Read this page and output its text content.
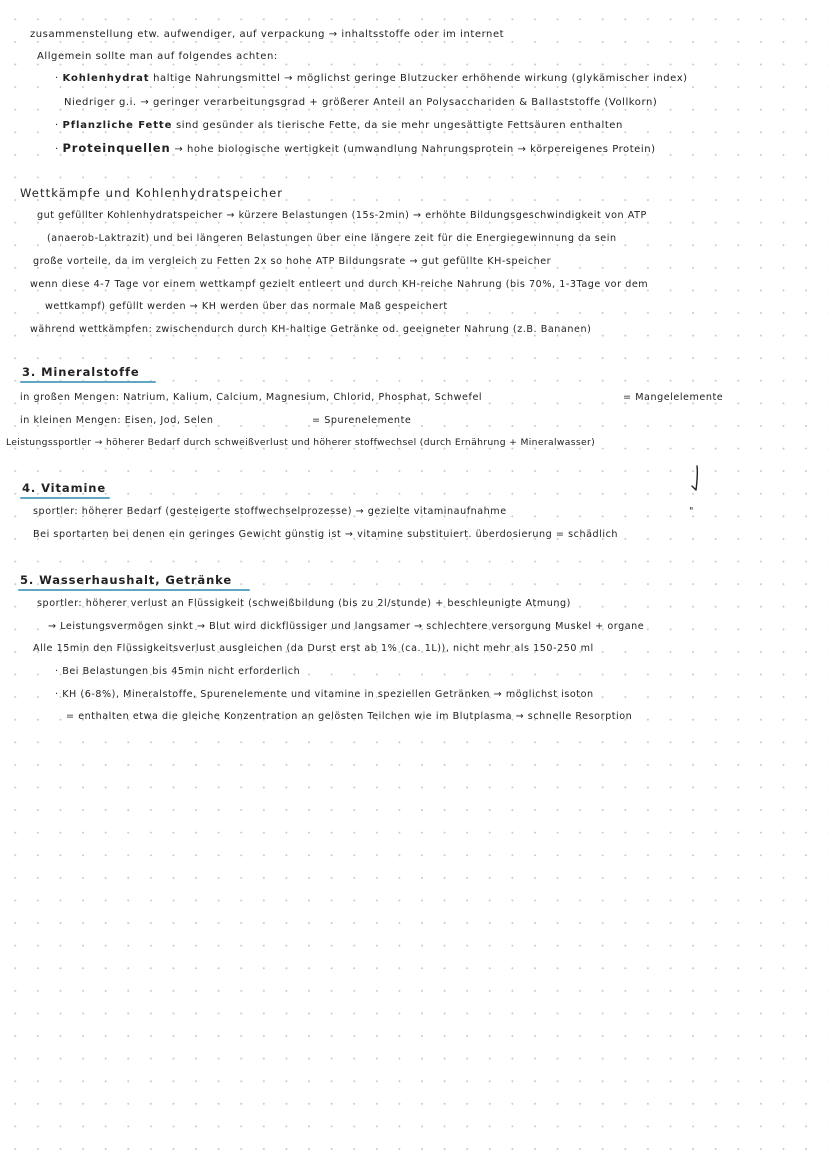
zusammenstellung etw. aufwendiger, auf verpackung → inhaltsstoffe oder im internet
Allgemein sollte man auf folgendes achten:
· Kohlenhydrat haltige Nahrungsmittel → möglichst geringe Blutzucker erhöhende wirkung (glykämischer index)
Niedriger g.i. → geringer verarbeitungsgrad + größerer Anteil an Polysacchariden & Ballaststoffe (Vollkorn)
· Pflanzliche Fette sind gesünder als tierische Fette, da sie mehr ungesättigte Fettsäuren enthalten
· Proteinquellen → hohe biologische wertigkeit (umwandlung Nahrungsprotein → körpereigenes Protein)
Wettkämpfe und Kohlenhydratspeicher
gut gefüllter Kohlenhydratspeicher → kürzere Belastungen (15s-2min) → erhöhte Bildungsgeschwindigkeit von ATP
(anaerob-Laktrazit) und bei längeren Belastungen über eine längere zeit für die Energiegewinnung da sein
große vorteile, da im vergleich zu Fetten 2x so hohe ATP Bildungsrate → gut gefüllte KH-speicher
wenn diese 4-7 Tage vor einem wettkampf gezielt entleert und durch KH-reiche Nahrung (bis 70%, 1-3Tage vor dem
wettkampf) gefüllt werden → KH werden über das normale Maß gespeichert
während wettkämpfen: zwischendurch durch KH-haltige Getränke od. geeigneter Nahrung (z.B. Bananen)
3. Mineralstoffe
in großen Mengen: Natrium, Kalium, Calcium, Magnesium, Chlorid, Phosphat, Schwefel	= Mangelelemente
in kleinen Mengen: Eisen, Jod, Selen	= Spurenelemente
Leistungssportler → höherer Bedarf durch schweißverlust und höherer stoffwechsel (durch Ernährung + Mineralwasser)
4. Vitamine
sportler: höherer Bedarf (gesteigerte stoffwechselprozesse) → gezielte vitaminaufnahme	"
Bei sportarten bei denen ein geringes Gewicht günstig ist → vitamine substituiert. überdosierung = schädlich
5. Wasserhaushalt, Getränke
sportler: höherer verlust an Flüssigkeit (schweißbildung (bis zu 2l/stunde) + beschleunigte Atmung)
→ Leistungsvermögen sinkt → Blut wird dickflüssiger und langsamer → schlechtere versorgung Muskel + organe
Alle 15min den Flüssigkeitsverlust ausgleichen (da Durst erst ab 1% (ca. 1L)), nicht mehr als 150-250 ml
· Bei Belastungen bis 45min nicht erforderlich
· KH (6-8%), Mineralstoffe, Spurenelemente und vitamine in speziellen Getränken → möglichst isoton
= enthalten etwa die gleiche Konzentration an gelösten Teilchen wie im Blutplasma → schnelle Resorption
